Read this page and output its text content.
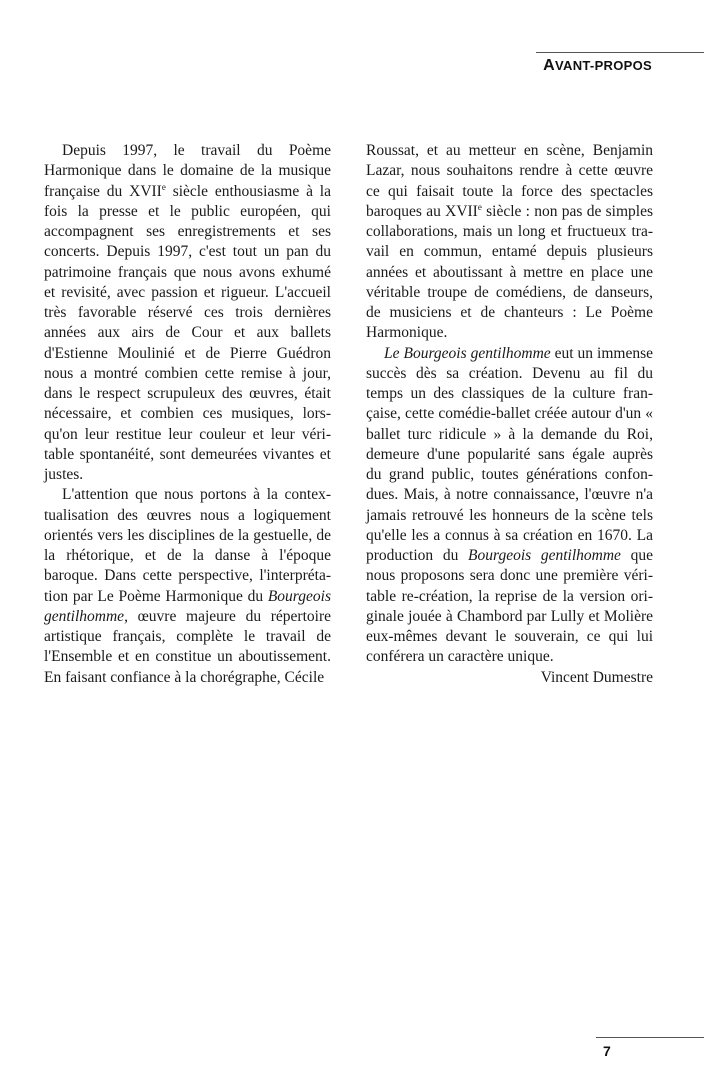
AVANT-PROPOS

Depuis 1997, le travail du Poème Harmonique dans le domaine de la musique française du XVIIe siècle enthousiasme à la fois la presse et le public européen, qui accompagnent ses enregistrements et ses concerts. Depuis 1997, c'est tout un pan du patrimoine français que nous avons exhumé et revisité, avec passion et rigueur. L'accueil très favorable réservé ces trois dernières années aux airs de Cour et aux ballets d'Estienne Moulinié et de Pierre Guédron nous a montré combien cette remise à jour, dans le respect scrupuleux des œuvres, était nécessaire, et combien ces musiques, lorsqu'on leur restitue leur couleur et leur véritable spontanéité, sont demeurées vivantes et justes.

L'attention que nous portons à la contextualisation des œuvres nous a logiquement orientés vers les disciplines de la gestuelle, de la rhétorique, et de la danse à l'époque baroque. Dans cette perspective, l'interprétation par Le Poème Harmonique du Bourgeois gentilhomme, œuvre majeure du répertoire artistique français, complète le travail de l'Ensemble et en constitue un aboutissement. En faisant confiance à la chorégraphe, Cécile

Roussat, et au metteur en scène, Benjamin Lazar, nous souhaitons rendre à cette œuvre ce qui faisait toute la force des spectacles baroques au XVIIe siècle : non pas de simples collaborations, mais un long et fructueux travail en commun, entamé depuis plusieurs années et aboutissant à mettre en place une véritable troupe de comédiens, de danseurs, de musiciens et de chanteurs : Le Poème Harmonique.

Le Bourgeois gentilhomme eut un immense succès dès sa création. Devenu au fil du temps un des classiques de la culture française, cette comédie-ballet créée autour d'un « ballet turc ridicule » à la demande du Roi, demeure d'une popularité sans égale auprès du grand public, toutes générations confondues. Mais, à notre connaissance, l'œuvre n'a jamais retrouvé les honneurs de la scène tels qu'elle les a connus à sa création en 1670. La production du Bourgeois gentilhomme que nous proposons sera donc une première véritable re-création, la reprise de la version originale jouée à Chambord par Lully et Molière eux-mêmes devant le souverain, ce qui lui conférera un caractère unique.

Vincent Dumestre

7
